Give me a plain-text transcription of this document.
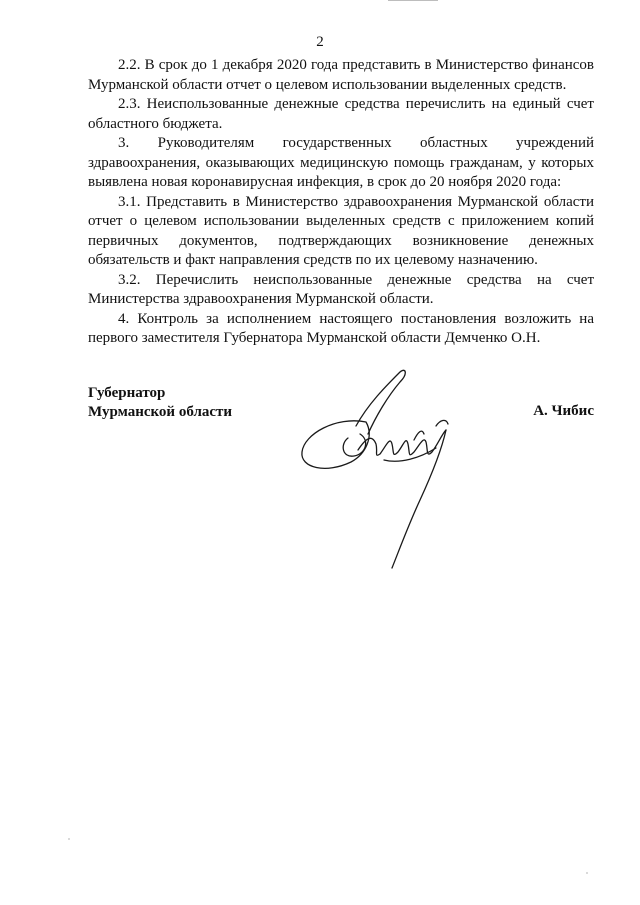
2

2.2. В срок до 1 декабря 2020 года представить в Министерство финансов Мурманской области отчет о целевом использовании выделенных средств.

2.3. Неиспользованные денежные средства перечислить на единый счет областного бюджета.

3. Руководителям государственных областных учреждений здравоохранения, оказывающих медицинскую помощь гражданам, у которых выявлена новая коронавирусная инфекция, в срок до 20 ноября 2020 года:

3.1. Представить в Министерство здравоохранения Мурманской области отчет о целевом использовании выделенных средств с приложением копий первичных документов, подтверждающих возникновение денежных обязательств и факт направления средств по их целевому назначению.

3.2. Перечислить неиспользованные денежные средства на счет Министерства здравоохранения Мурманской области.

4. Контроль за исполнением настоящего постановления возложить на первого заместителя Губернатора Мурманской области Демченко О.Н.

Губернатор
Мурманской области	А. Чибис
